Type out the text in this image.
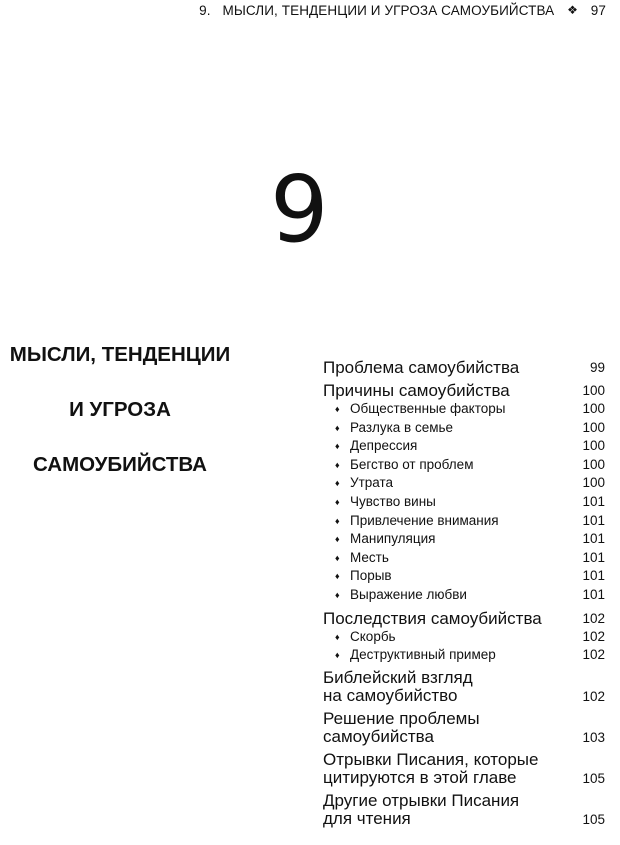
9. МЫСЛИ, ТЕНДЕНЦИИ И УГРОЗА САМОУБИЙСТВА ❖ 97
9
МЫСЛИ, ТЕНДЕНЦИИ
И УГРОЗА
САМОУБИЙСТВА
Проблема самоубийства	99
Причины самоубийства	100
♦ Общественные факторы	100
♦ Разлука в семье	100
♦ Депрессия	100
♦ Бегство от проблем	100
♦ Утрата	100
♦ Чувство вины	101
♦ Привлечение внимания	101
♦ Манипуляция	101
♦ Месть	101
♦ Порыв	101
♦ Выражение любви	101
Последствия самоубийства	102
♦ Скорбь	102
♦ Деструктивный пример	102
Библейский взгляд
на самоубийство	102
Решение проблемы
самоубийства	103
Отрывки Писания, которые
цитируются в этой главе	105
Другие отрывки Писания
для чтения	105
